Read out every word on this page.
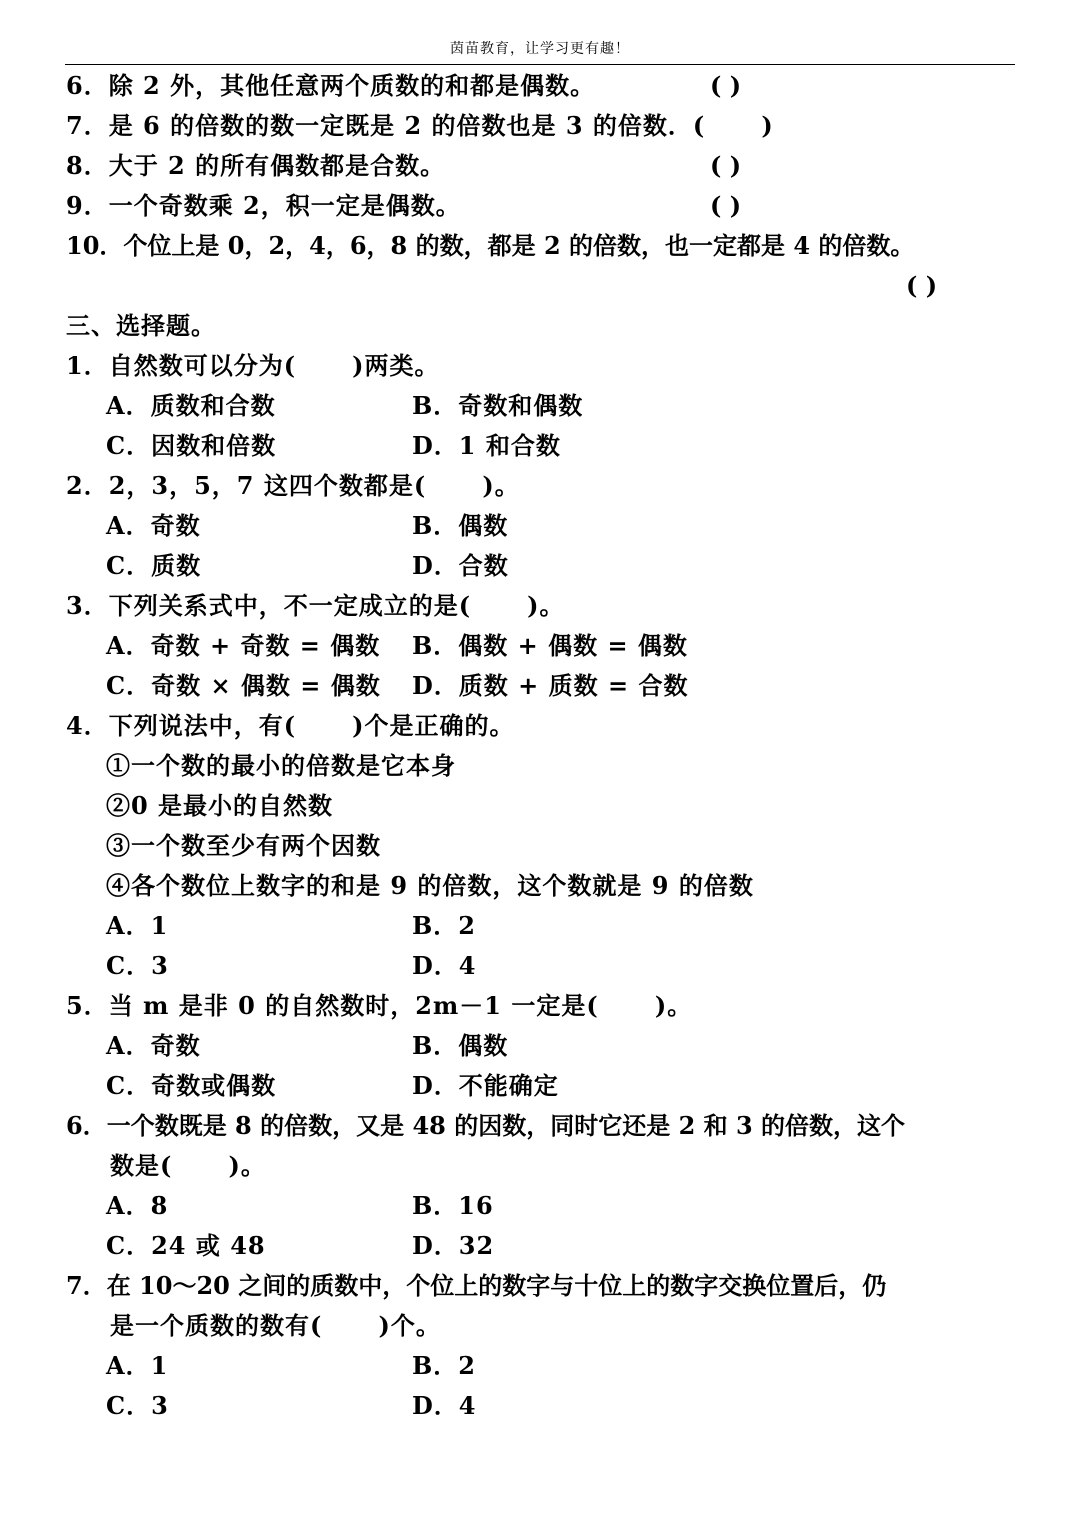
茵苗教育，让学习更有趣！
6．除 2 外，其他任意两个质数的和都是偶数。	( )
7．是 6 的倍数的数一定既是 2 的倍数也是 3 的倍数．(      )
8．大于 2 的所有偶数都是合数。	( )
9．一个奇数乘 2，积一定是偶数。	( )
10．个位上是 0，2，4，6，8 的数，都是 2 的倍数，也一定都是 4 的倍数。
( )
三、选择题。
1．自然数可以分为(      )两类。
A．质数和合数	B．奇数和偶数
C．因数和倍数	D．1 和合数
2．2，3，5，7 这四个数都是(      )。
A．奇数	B．偶数
C．质数	D．合数
3．下列关系式中，不一定成立的是(      )。
A．奇数 + 奇数 = 偶数 B．偶数 + 偶数 = 偶数
C．奇数 × 偶数 = 偶数 D．质数 + 质数 = 合数
4．下列说法中，有(      )个是正确的。
①一个数的最小的倍数是它本身
②0 是最小的自然数
③一个数至少有两个因数
④各个数位上数字的和是 9 的倍数，这个数就是 9 的倍数
A．1	B．2
C．3	D．4
5．当 m 是非 0 的自然数时，2m－1 一定是(      )。
A．奇数	B．偶数
C．奇数或偶数	D．不能确定
6．一个数既是 8 的倍数，又是 48 的因数，同时它还是 2 和 3 的倍数，这个
数是(      )。
A．8	B．16
C．24 或 48	D．32
7．在 10～20 之间的质数中，个位上的数字与十位上的数字交换位置后，仍
是一个质数的数有(      )个。
A．1	B．2
C．3	D．4
